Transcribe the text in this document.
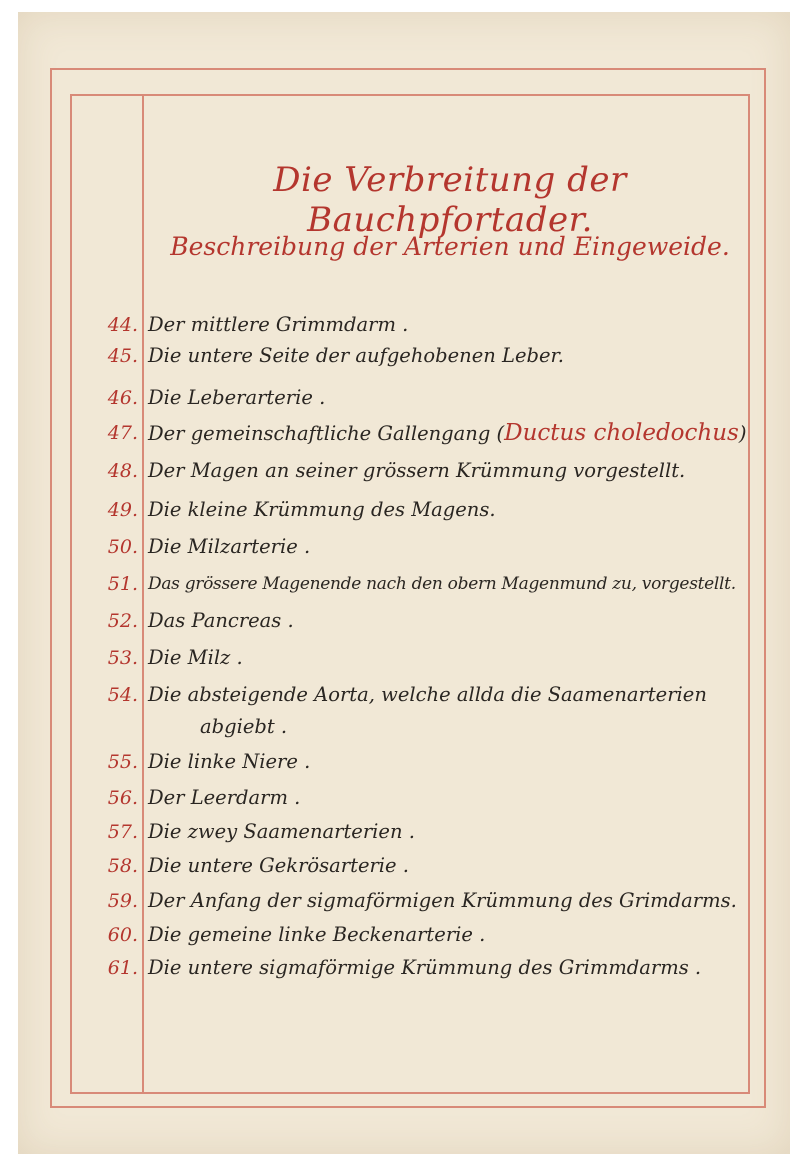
Die Verbreitung der Bauchpfortader.
Beschreibung der Arterien und Eingeweide.
44. Der mittlere Grimmdarm .
45. Die untere Seite der aufgehobenen Leber.
46. Die Leberarterie .
47. Der gemeinschaftliche Gallengang (Ductus choledochus)
48. Der Magen an seiner grössern Krümmung vorgestellt.
49. Die kleine Krümmung des Magens.
50. Die Milzarterie .
51. Das grössere Magenende nach den obern Magenmund zu, vorgestellt.
52. Das Pancreas .
53. Die Milz .
54. Die absteigende Aorta, welche allda die Saamenarterien
abgiebt .
55. Die linke Niere .
56. Der Leerdarm .
57. Die zwey Saamenarterien .
58. Die untere Gekrösarterie .
59. Der Anfang der sigmaförmigen Krümmung des Grimdarms.
60. Die gemeine linke Beckenarterie .
61. Die untere sigmaförmige Krümmung des Grimmdarms .
